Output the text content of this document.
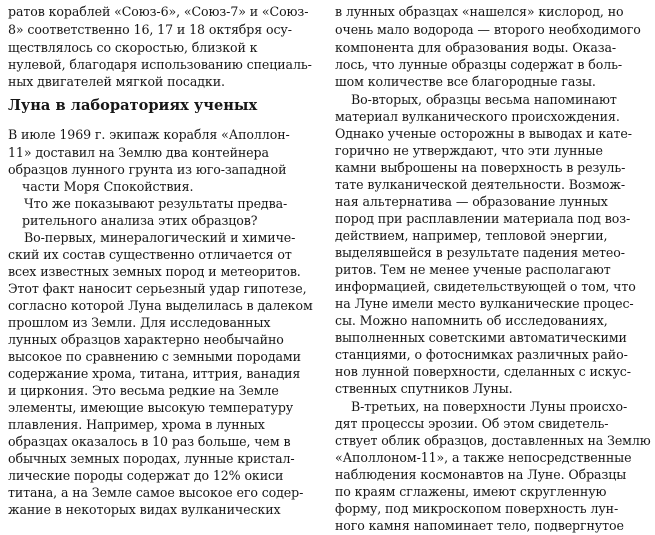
ратов кораблей «Союз-6», «Союз-7» и «Союз-
8» соответственно 16, 17 и 18 октября осу-
ществлялось со скоростью, близкой к
нулевой, благодаря использованию специаль-
ных двигателей мягкой посадки.
Луна в лабораториях ученых
В июле 1969 г. экипаж корабля «Аполлон-
11» доставил на Землю два контейнера
образцов лунного грунта из юго-западной
части Моря Спокойствия.
Что же показывают результаты предва-
рительного анализа этих образцов?
Во-первых, минералогический и химиче-
ский их состав существенно отличается от
всех известных земных пород и метеоритов.
Этот факт наносит серьезный удар гипотезе,
согласно которой Луна выделилась в далеком
прошлом из Земли. Для исследованных
лунных образцов характерно необычайно
высокое по сравнению с земными породами
содержание хрома, титана, иттрия, ванадия
и циркония. Это весьма редкие на Земле
элементы, имеющие высокую температуру
плавления. Например, хрома в лунных
образцах оказалось в 10 раз больше, чем в
обычных земных породах, лунные кристал-
лические породы содержат до 12% окиси
титана, а на Земле самое высокое его содер-
жание в некоторых видах вулканических
в лунных образцах «нашелся» кислород, но
очень мало водорода — второго необходимого
компонента для образования воды. Оказа-
лось, что лунные образцы содержат в боль-
шом количестве все благородные газы.
Во-вторых, образцы весьма напоминают
материал вулканического происхождения.
Однако ученые осторожны в выводах и кате-
горично не утверждают, что эти лунные
камни выброшены на поверхность в резуль-
тате вулканической деятельности. Возмож-
ная альтернатива — образование лунных
пород при расплавлении материала под воз-
действием, например, тепловой энергии,
выделявшейся в результате падения метео-
ритов. Тем не менее ученые располагают
информацией, свидетельствующей о том, что
на Луне имели место вулканические процес-
сы. Можно напомнить об исследованиях,
выполненных советскими автоматическими
станциями, о фотоснимках различных райо-
нов лунной поверхности, сделанных с искус-
ственных спутников Луны.
В-третьих, на поверхности Луны происхо-
дят процессы эрозии. Об этом свидетель-
ствует облик образцов, доставленных на Землю
«Аполлоном-11», а также непосредственные
наблюдения космонавтов на Луне. Образцы
по краям сглажены, имеют скругленную
форму, под микроскопом поверхность лун-
ного камня напоминает тело, подвергнутое
